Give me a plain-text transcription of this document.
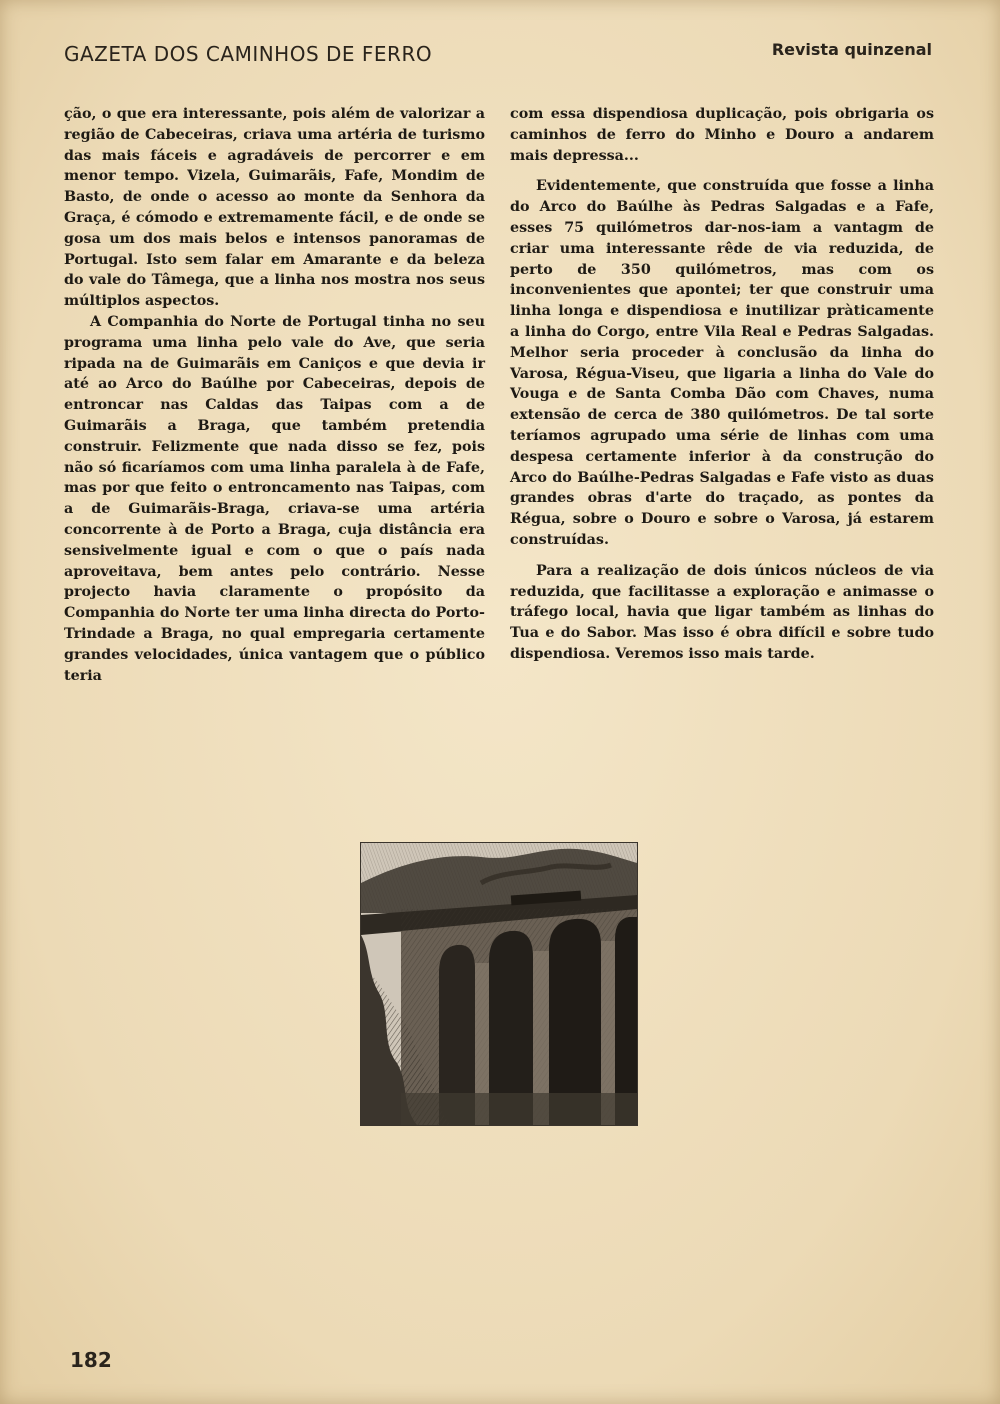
GAZETA DOS CAMINHOS DE FERRO	Revista quinzenal

ção, o que era interessante, pois além de valorizar a região de Cabeceiras, criava uma artéria de turismo das mais fáceis e agradáveis de percorrer e em menor tempo. Vizela, Guimarãis, Fafe, Mondim de Basto, de onde o acesso ao monte da Senhora da Graça, é cómodo e extremamente fácil, e de onde se gosa um dos mais belos e intensos panoramas de Portugal. Isto sem falar em Amarante e da beleza do vale do Tâmega, que a linha nos mostra nos seus múltiplos aspectos.

A Companhia do Norte de Portugal tinha no seu programa uma linha pelo vale do Ave, que seria ripada na de Guimarãis em Caniços e que devia ir até ao Arco do Baúlhe por Cabeceiras, depois de entroncar nas Caldas das Taipas com a de Guimarãis a Braga, que também pretendia construir. Felizmente que nada disso se fez, pois não só ficaríamos com uma linha paralela à de Fafe, mas por que feito o entroncamento nas Taipas, com a de Guimarãis-Braga, criava-se uma artéria concorrente à de Porto a Braga, cuja distância era sensivelmente igual e com o que o país nada aproveitava, bem antes pelo contrário. Nesse projecto havia claramente o propósito da Companhia do Norte ter uma linha directa do Porto-Trindade a Braga, no qual empregaria certamente grandes velocidades, única vantagem que o público teria

com essa dispendiosa duplicação, pois obrigaria os caminhos de ferro do Minho e Douro a andarem mais depressa...

Evidentemente, que construída que fosse a linha do Arco do Baúlhe às Pedras Salgadas e a Fafe, esses 75 quilómetros dar-nos-iam a vantagm de criar uma interessante rêde de via reduzida, de perto de 350 quilómetros, mas com os inconvenientes que apontei; ter que construir uma linha longa e dispendiosa e inutilizar pràticamente a linha do Corgo, entre Vila Real e Pedras Salgadas. Melhor seria proceder à conclusão da linha do Varosa, Régua-Viseu, que ligaria a linha do Vale do Vouga e de Santa Comba Dão com Chaves, numa extensão de cerca de 380 quilómetros. De tal sorte teríamos agrupado uma série de linhas com uma despesa certamente inferior à da construção do Arco do Baúlhe-Pedras Salgadas e Fafe visto as duas grandes obras d'arte do traçado, as pontes da Régua, sobre o Douro e sobre o Varosa, já estarem construídas.

Para a realização de dois únicos núcleos de via reduzida, que facilitasse a exploração e animasse o tráfego local, havia que ligar também as linhas do Tua e do Sabor. Mas isso é obra difícil e sobre tudo dispendiosa. Veremos isso mais tarde.

182
